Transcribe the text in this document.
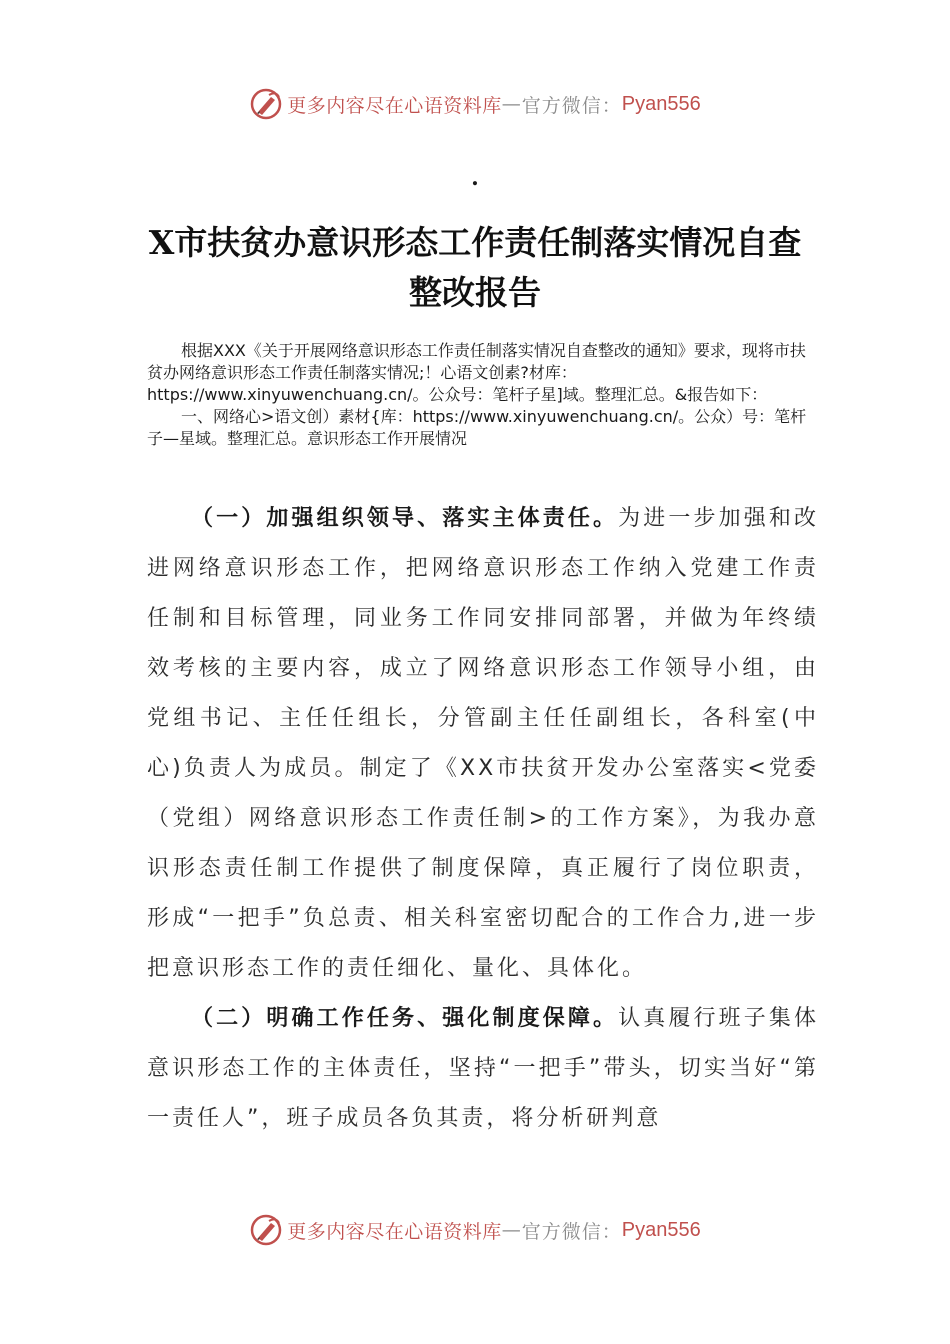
更多内容尽在心语资料库 — 官方微信： Pyan556
.
X市扶贫办意识形态工作责任制落实情况自查整改报告

根据XXX《关于开展网络意识形态工作责任制落实情况自查整改的通知》要求，现将市扶贫办网络意识形态工作责任制落实情况;！心语文创素?材库：https://www.xinyuwenchuang.cn/。公众号：笔杆子星]域。整理汇总。&报告如下：

一、网络心>语文创）素材{库：https://www.xinyuwenchuang.cn/。公众）号：笔杆子—星域。整理汇总。意识形态工作开展情况

（一）加强组织领导、落实主体责任。为进一步加强和改进网络意识形态工作，把网络意识形态工作纳入党建工作责任制和目标管理，同业务工作同安排同部署，并做为年终绩效考核的主要内容，成立了网络意识形态工作领导小组，由党组书记、主任任组长，分管副主任任副组长，各科室(中心)负责人为成员。制定了《XX市扶贫开发办公室落实<党委（党组）网络意识形态工作责任制>的工作方案》，为我办意识形态责任制工作提供了制度保障，真正履行了岗位职责，形成“一把手”负总责、相关科室密切配合的工作合力,进一步把意识形态工作的责任细化、量化、具体化。

（二）明确工作任务、强化制度保障。认真履行班子集体意识形态工作的主体责任，坚持“一把手”带头，切实当好“第一责任人”，班子成员各负其责，将分析研判意

更多内容尽在心语资料库 — 官方微信： Pyan556
